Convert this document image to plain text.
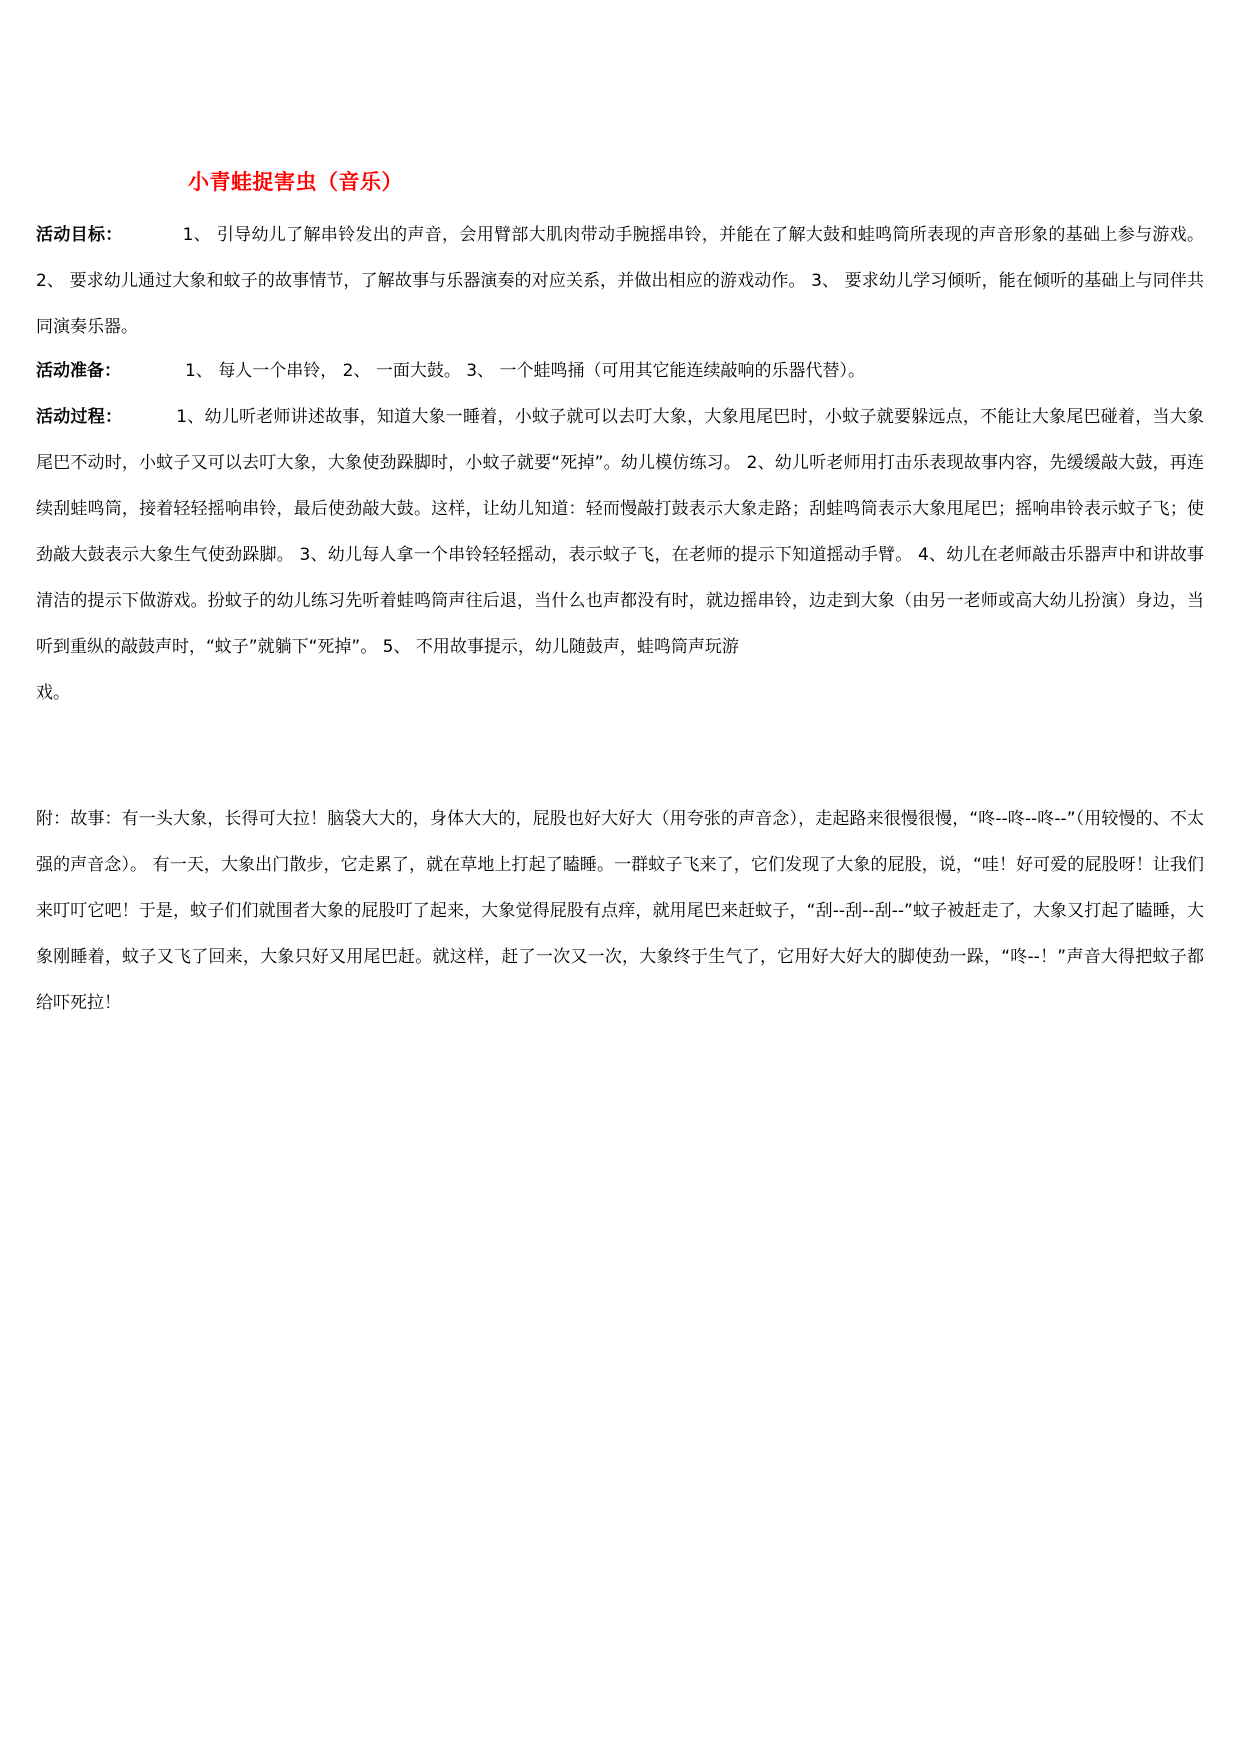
小青蛙捉害虫（音乐）
活动目标：	1、 引导幼儿了解串铃发出的声音，会用臂部大肌肉带动手腕摇串铃，并能在了解大鼓和蛙鸣筒所表现的声音形象的基础上参与游戏。 2、 要求幼儿通过大象和蚊子的故事情节，了解故事与乐器演奏的对应关系，并做出相应的游戏动作。 3、 要求幼儿学习倾听，能在倾听的基础上与同伴共同演奏乐器。
活动准备：	1、 每人一个串铃， 2、 一面大鼓。 3、 一个蛙鸣捅（可用其它能连续敲响的乐器代替）。
活动过程：	1、幼儿听老师讲述故事，知道大象一睡着，小蚊子就可以去叮大象，大象甩尾巴时，小蚊子就要躲远点，不能让大象尾巴碰着，当大象尾巴不动时，小蚊子又可以去叮大象，大象使劲跺脚时，小蚊子就要“死掉”。幼儿模仿练习。 2、幼儿听老师用打击乐表现故事内容，先缓缓敲大鼓，再连续刮蛙鸣筒，接着轻轻摇响串铃，最后使劲敲大鼓。这样，让幼儿知道：轻而慢敲打鼓表示大象走路；刮蛙鸣筒表示大象甩尾巴；摇响串铃表示蚊子飞；使劲敲大鼓表示大象生气使劲跺脚。 3、幼儿每人拿一个串铃轻轻摇动，表示蚊子飞，在老师的提示下知道摇动手臂。 4、幼儿在老师敲击乐器声中和讲故事清洁的提示下做游戏。扮蚊子的幼儿练习先听着蛙鸣筒声往后退，当什么也声都没有时，就边摇串铃，边走到大象（由另一老师或高大幼儿扮演）身边，当听到重纵的敲鼓声时，“蚊子”就躺下“死掉”。 5、 不用故事提示，幼儿随鼓声，蛙鸣筒声玩游
戏。
附：故事：有一头大象，长得可大拉！脑袋大大的，身体大大的，屁股也好大好大（用夸张的声音念），走起路来很慢很慢，“咚--咚--咚--”（用较慢的、不太强的声音念）。 有一天，大象出门散步，它走累了，就在草地上打起了瞌睡。一群蚊子飞来了，它们发现了大象的屁股，说，“哇！好可爱的屁股呀！让我们来叮叮它吧！于是，蚊子们们就围者大象的屁股叮了起来，大象觉得屁股有点痒，就用尾巴来赶蚊子，“刮--刮--刮--”蚊子被赶走了，大象又打起了瞌睡，大象刚睡着，蚊子又飞了回来，大象只好又用尾巴赶。就这样，赶了一次又一次，大象终于生气了，它用好大好大的脚使劲一跺，“咚--！”声音大得把蚊子都给吓死拉！
